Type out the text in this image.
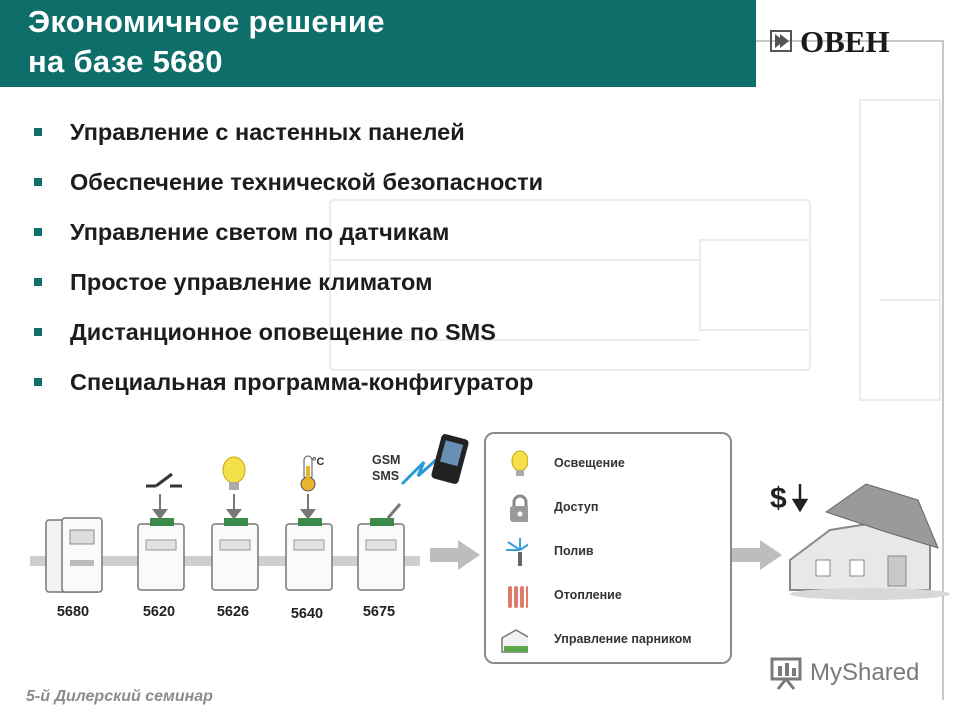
Экономичное решение
на базе 5680
ОВЕН
Управление с настенных панелей
Обеспечение технической безопасности
Управление светом по датчикам
Простое управление климатом
Дистанционное оповещение по SMS
Специальная программа-конфигуратор
$
°C	GSM
SMS
5680	5620	5626	5640	5675
Освещение
Доступ
Полив
Отопление
Управление парником
5-й Дилерский семинар
MyShared
